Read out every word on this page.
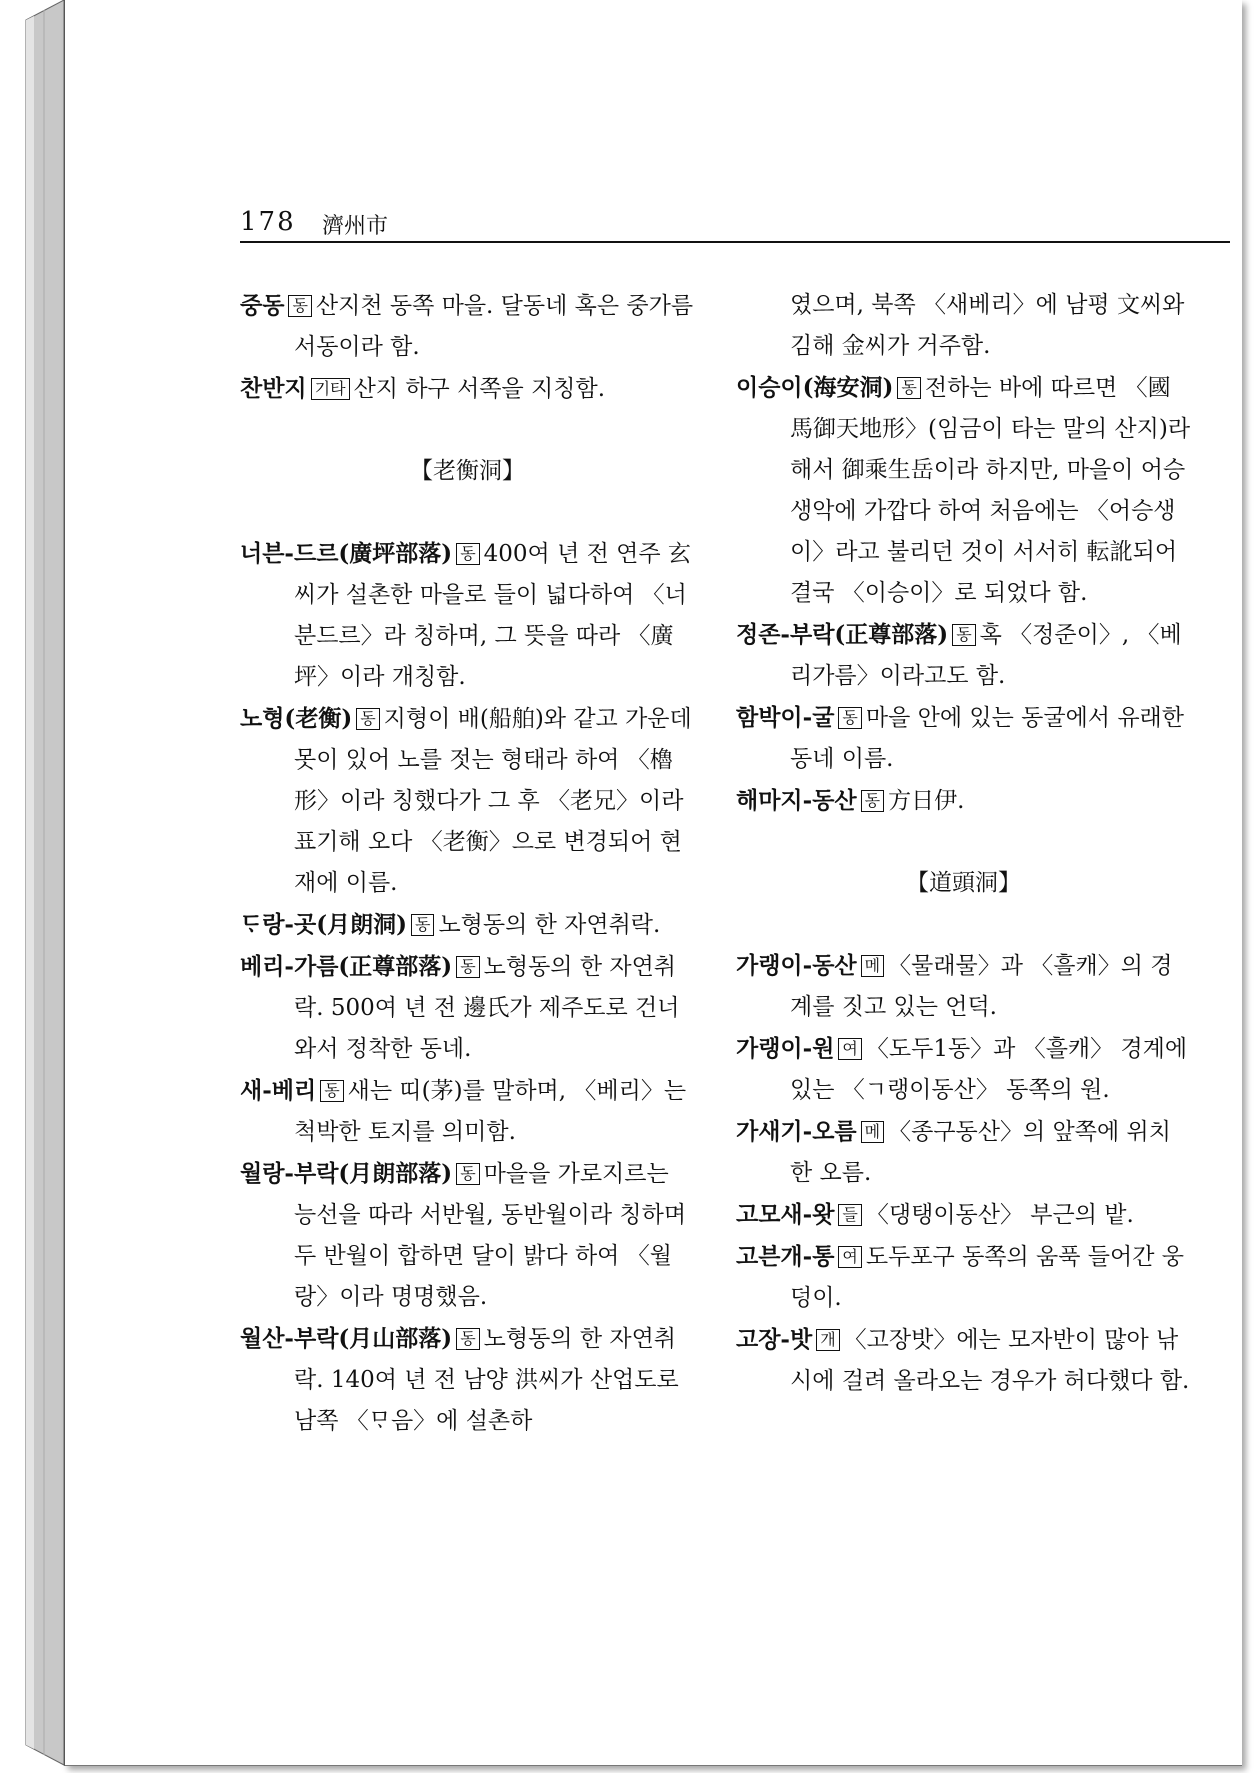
178 濟州市

중동 동 산지천 동쪽 마을. 달동네 혹은 중가름 서동이라 함.

찬반지 기타 산지 하구 서쪽을 지칭함.

【老衡洞】

너븐-드르(廣坪部落) 동 400여 년 전 연주 玄씨가 설촌한 마을로 들이 넓다하여 〈너분드르〉라 칭하며, 그 뜻을 따라 〈廣坪〉이라 개칭함.

노형(老衡) 동 지형이 배(船舶)와 같고 가운데 못이 있어 노를 젓는 형태라 하여 〈櫓形〉이라 칭했다가 그 후 〈老兄〉이라 표기해 오다 〈老衡〉으로 변경되어 현재에 이름.

ᄃᆞ랑-곳(月朗洞) 동 노형동의 한 자연취락.

베리-가름(正尊部落) 동 노형동의 한 자연취락. 500여 년 전 邊氏가 제주도로 건너와서 정착한 동네.

새-베리 동 새는 띠(茅)를 말하며, 〈베리〉는 척박한 토지를 의미함.

월랑-부락(月朗部落) 동 마을을 가로지르는 능선을 따라 서반월, 동반월이라 칭하며 두 반월이 합하면 달이 밝다 하여 〈월랑〉이라 명명했음.

월산-부락(月山部落) 동 노형동의 한 자연취락. 140여 년 전 남양 洪씨가 산업도로 남쪽 〈ᄆᆞ음〉에 설촌하

였으며, 북쪽 〈새베리〉에 남평 文씨와 김해 金씨가 거주함.

이승이(海安洞) 동 전하는 바에 따르면 〈國馬御天地形〉(임금이 타는 말의 산지)라 해서 御乘生岳이라 하지만, 마을이 어승생악에 가깝다 하여 처음에는 〈어승생이〉라고 불리던 것이 서서히 転訛되어 결국 〈이승이〉로 되었다 함.

정존-부락(正尊部落) 동 혹 〈정준이〉, 〈베리가름〉이라고도 함.

함박이-굴 동 마을 안에 있는 동굴에서 유래한 동네 이름.

해마지-동산 동 方日伊.

【道頭洞】

가랭이-동산 메 〈물래물〉과 〈흘캐〉의 경계를 짓고 있는 언덕.

가랭이-원 여 〈도두1동〉과 〈흘캐〉 경계에 있는 〈ㄱ랭이동산〉 동쪽의 원.

가새기-오름 메 〈종구동산〉의 앞쪽에 위치한 오름.

고모새-왓 들 〈댕탱이동산〉 부근의 밭.

고븐개-통 여 도두포구 동쪽의 움푹 들어간 웅덩이.

고장-밧 개 〈고장밧〉에는 모자반이 많아 낚시에 걸려 올라오는 경우가 허다했다 함.
